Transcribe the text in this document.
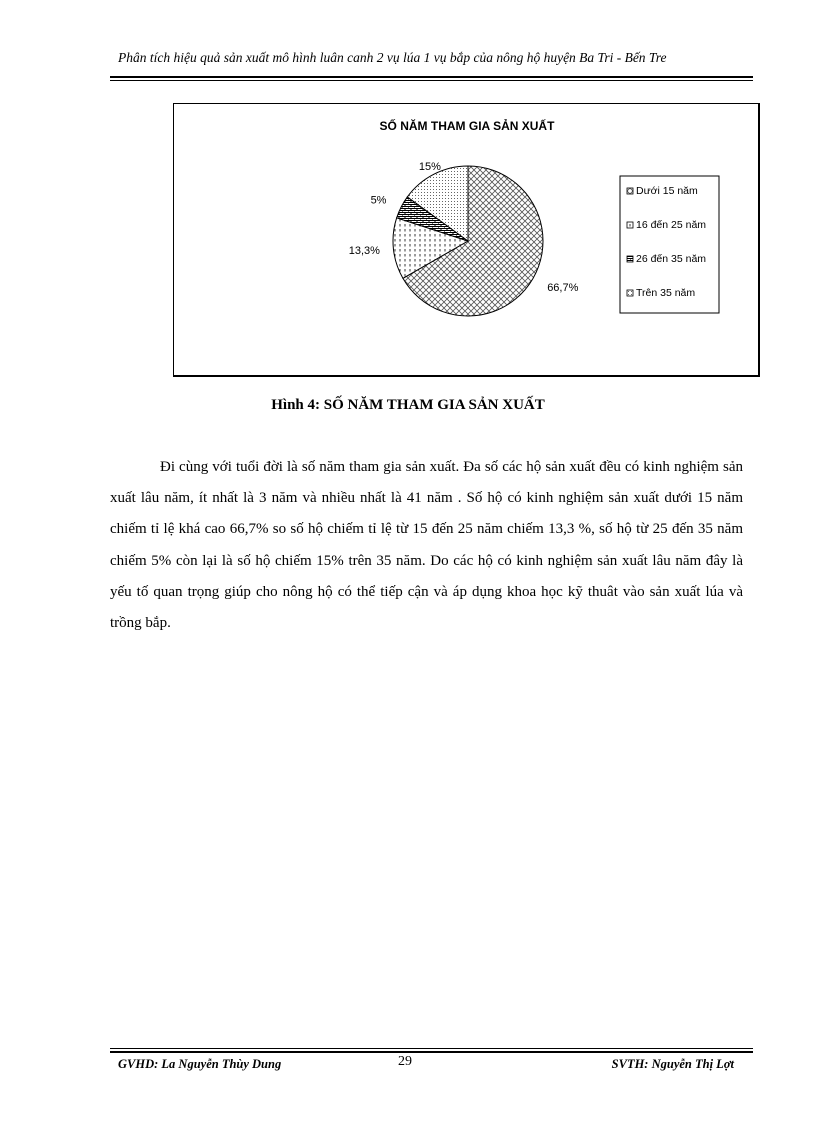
Phân tích hiệu quả sản xuất mô hình luân canh 2 vụ lúa 1 vụ bắp của nông hộ huyện Ba Tri - Bến Tre
SỐ NĂM THAM GIA SẢN XUẤT
66,7%
13,3%
5%
15%
Dưới 15 năm
16 đến 25 năm
26 đến 35 năm
Trên 35 năm
Hình 4: SỐ NĂM THAM GIA SẢN XUẤT

Đi cùng với tuổi đời là số năm tham gia sản xuất. Đa số các hộ sản xuất đều có kinh nghiệm sản xuất lâu năm, ít nhất là 3 năm và nhiều nhất là 41 năm . Số hộ có kinh nghiệm sản xuất dưới 15 năm chiếm tỉ lệ khá cao 66,7% so số hộ chiếm tỉ lệ từ 15 đến 25 năm chiếm 13,3 %, số hộ từ 25 đến 35 năm chiếm 5% còn lại là số hộ chiếm 15% trên 35 năm. Do các hộ có kinh nghiệm sản xuất lâu năm đây là yếu tố quan trọng giúp cho nông hộ có thể tiếp cận và áp dụng khoa học kỹ thuât vào sản xuất lúa và trồng bắp.

GVHD: La Nguyễn Thùy Dung	29	SVTH: Nguyễn Thị Lợt
